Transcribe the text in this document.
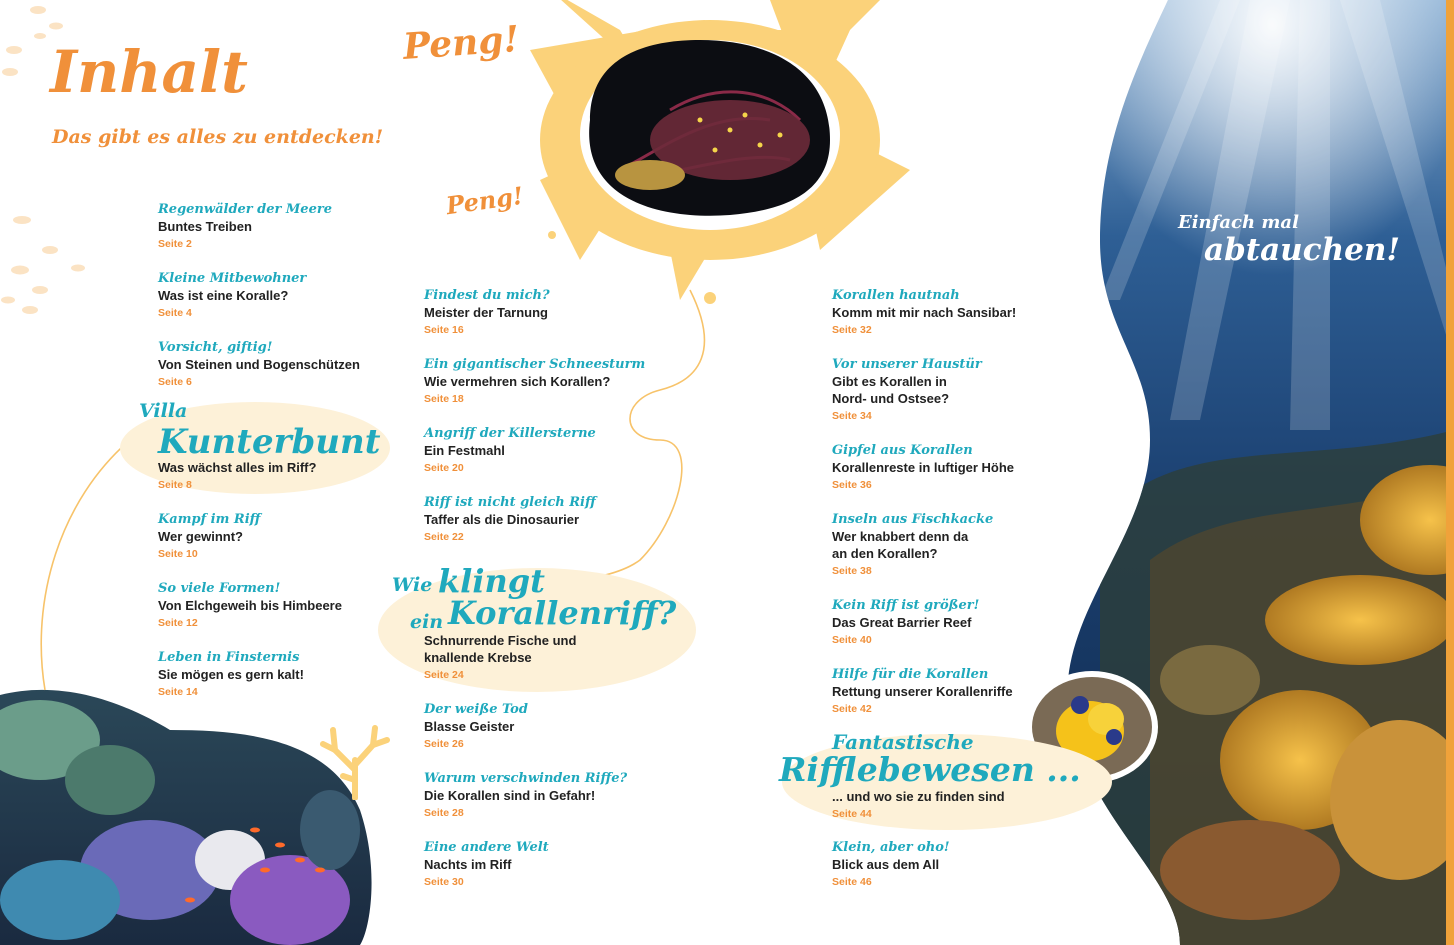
Inhalt
Das gibt es alles zu entdecken!
Peng!
Peng!
Einfach mal
abtauchen!
Regenwälder der Meere
Buntes Treiben
Seite 2
Kleine Mitbewohner
Was ist eine Koralle?
Seite 4
Vorsicht, giftig!
Von Steinen und Bogenschützen
Seite 6
Villa
Kunterbunt
Was wächst alles im Riff?
Seite 8
Kampf im Riff
Wer gewinnt?
Seite 10
So viele Formen!
Von Elchgeweih bis Himbeere
Seite 12
Leben in Finsternis
Sie mögen es gern kalt!
Seite 14
Findest du mich?
Meister der Tarnung
Seite 16
Ein gigantischer Schneesturm
Wie vermehren sich Korallen?
Seite 18
Angriff der Killersterne
Ein Festmahl
Seite 20
Riff ist nicht gleich Riff
Taffer als die Dinosaurier
Seite 22
Wie klingt
ein Korallenriff?
Schnurrende Fische und knallende Krebse
Seite 24
Der weiße Tod
Blasse Geister
Seite 26
Warum verschwinden Riffe?
Die Korallen sind in Gefahr!
Seite 28
Eine andere Welt
Nachts im Riff
Seite 30
Korallen hautnah
Komm mit mir nach Sansibar!
Seite 32
Vor unserer Haustür
Gibt es Korallen in Nord- und Ostsee?
Seite 34
Gipfel aus Korallen
Korallenreste in luftiger Höhe
Seite 36
Inseln aus Fischkacke
Wer knabbert denn da an den Korallen?
Seite 38
Kein Riff ist größer!
Das Great Barrier Reef
Seite 40
Hilfe für die Korallen
Rettung unserer Korallenriffe
Seite 42
Fantastische
Rifflebewesen ...
... und wo sie zu finden sind
Seite 44
Klein, aber oho!
Blick aus dem All
Seite 46
